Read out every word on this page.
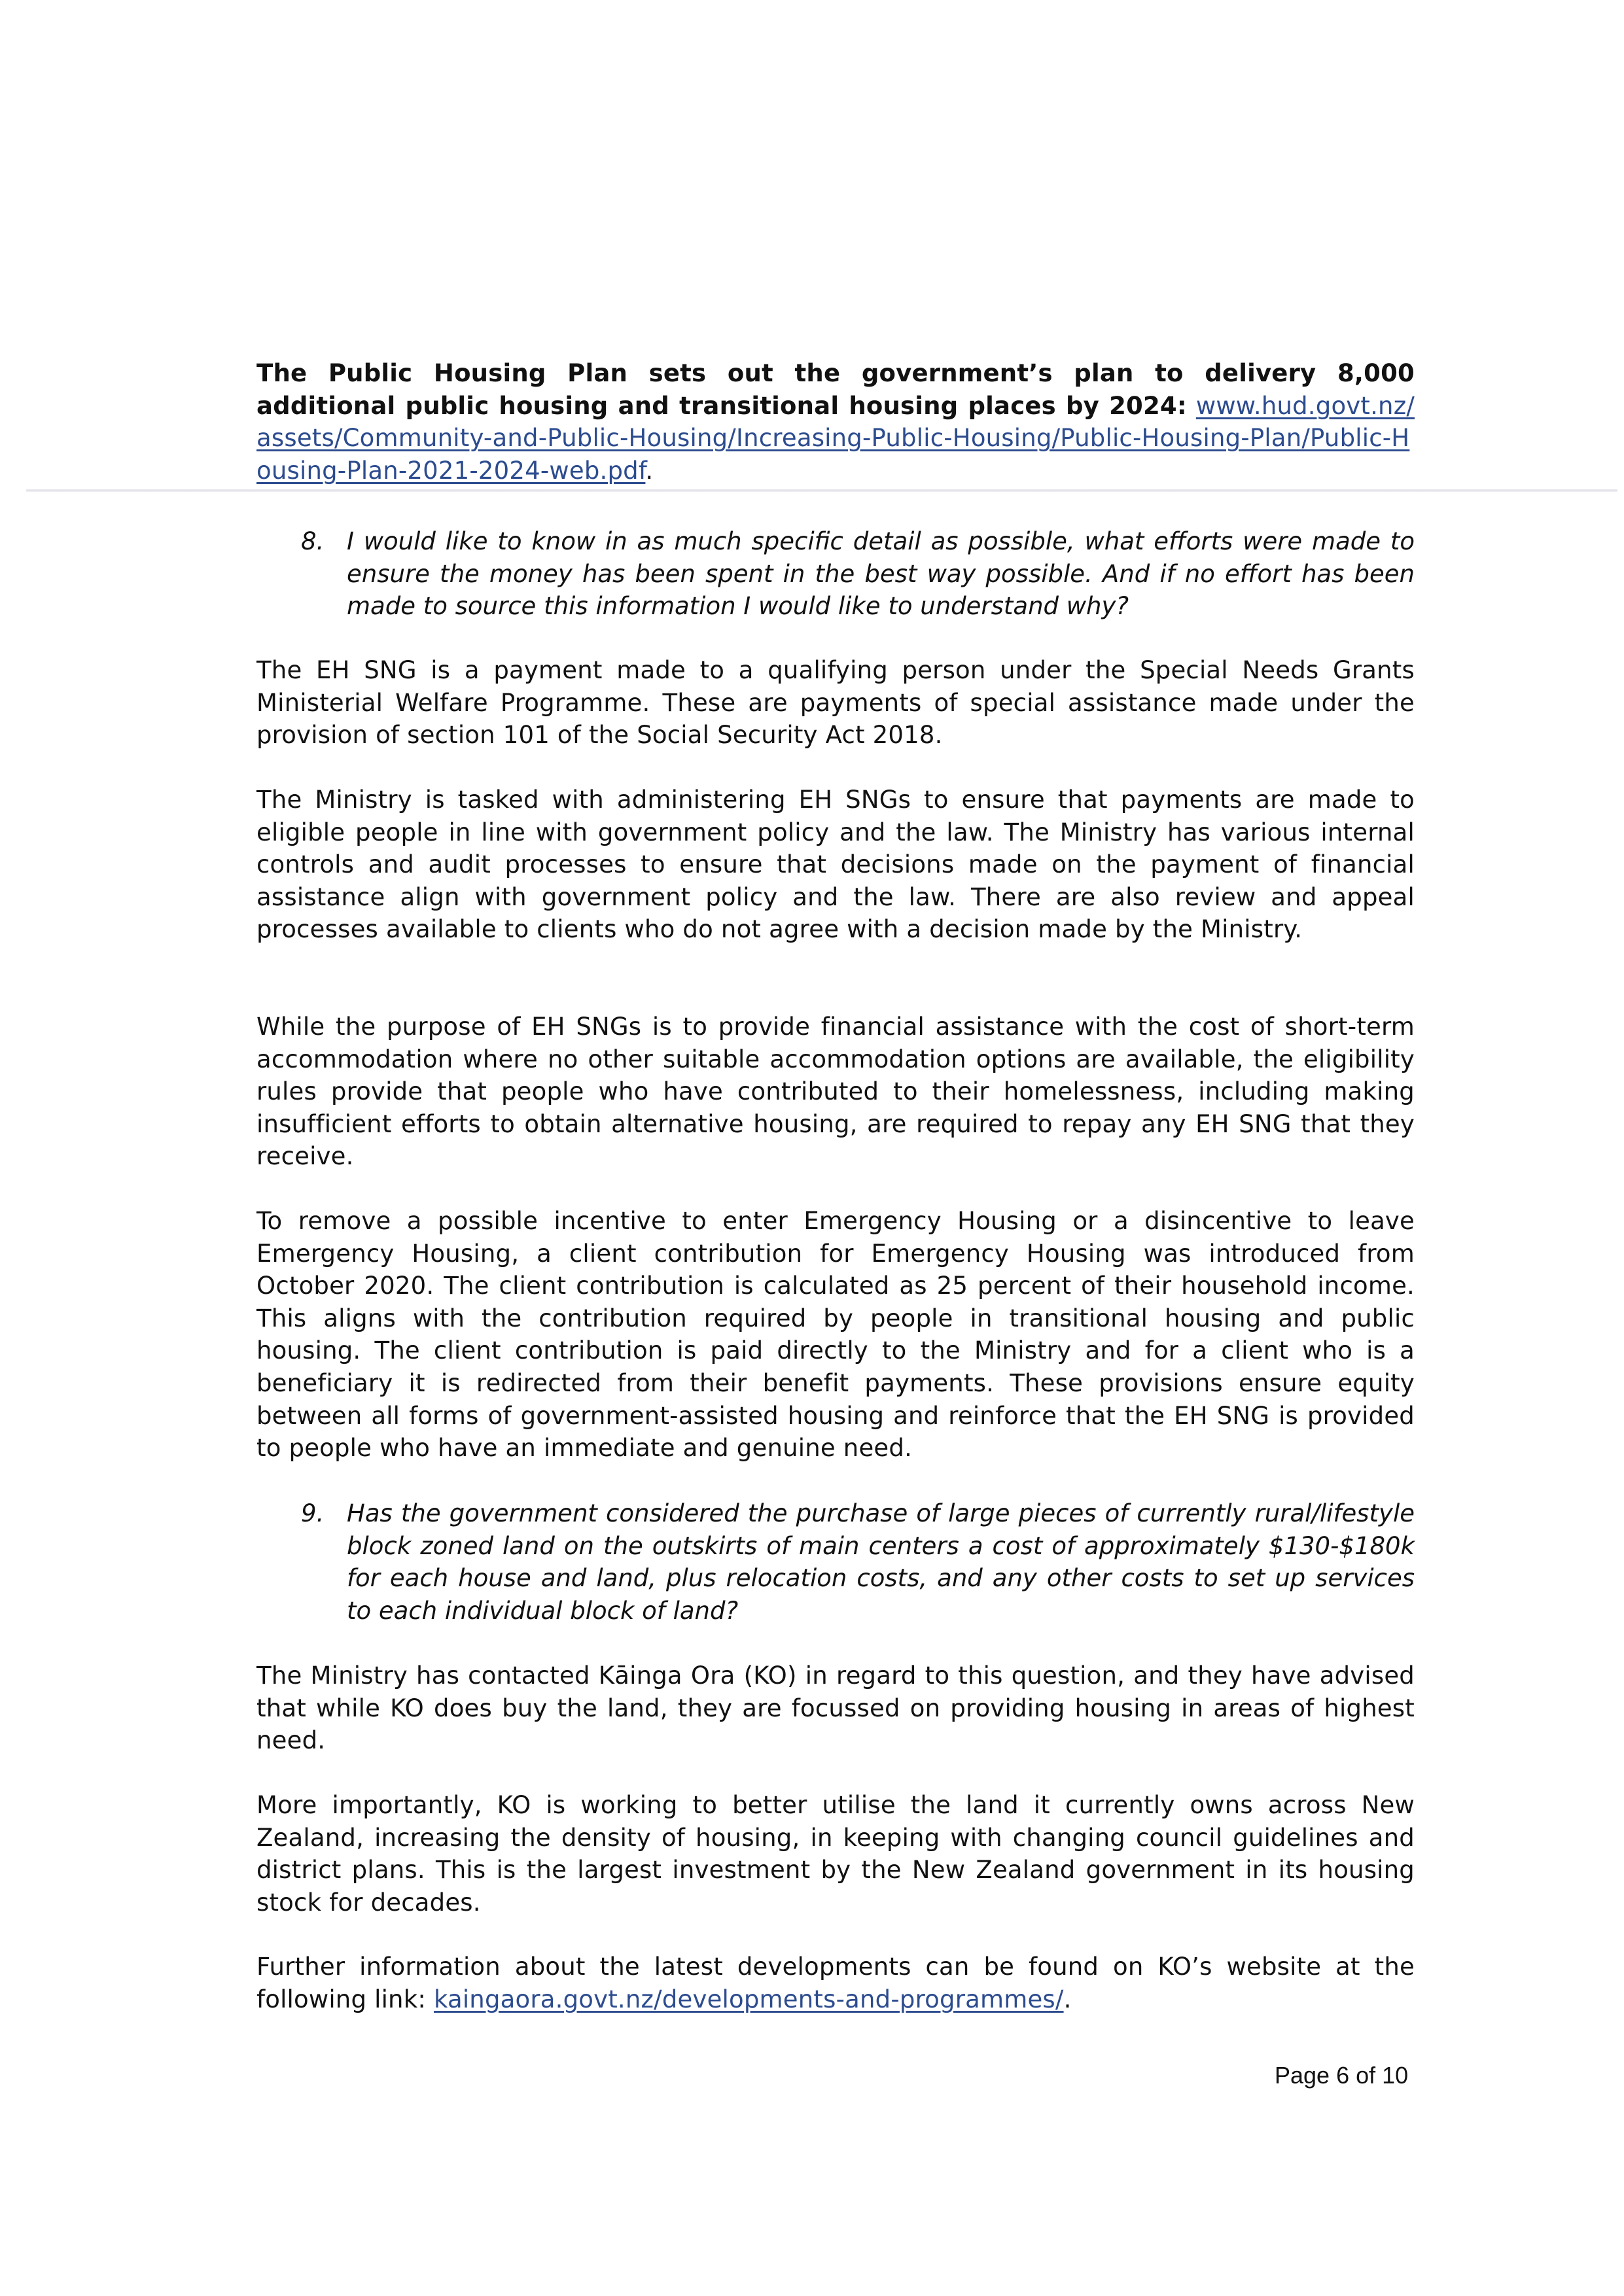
The Public Housing Plan sets out the government’s plan to delivery 8,000 additional public housing and transitional housing places by 2024: www.hud.govt.nz/assets/Community-and-Public-Housing/Increasing-Public-Housing/Public-Housing-Plan/Public-Housing-Plan-2021-2024-web.pdf.
8. I would like to know in as much specific detail as possible, what efforts were made to ensure the money has been spent in the best way possible. And if no effort has been made to source this information I would like to understand why?
The EH SNG is a payment made to a qualifying person under the Special Needs Grants Ministerial Welfare Programme. These are payments of special assistance made under the provision of section 101 of the Social Security Act 2018.
The Ministry is tasked with administering EH SNGs to ensure that payments are made to eligible people in line with government policy and the law. The Ministry has various internal controls and audit processes to ensure that decisions made on the payment of financial assistance align with government policy and the law. There are also review and appeal processes available to clients who do not agree with a decision made by the Ministry.
While the purpose of EH SNGs is to provide financial assistance with the cost of short-term accommodation where no other suitable accommodation options are available, the eligibility rules provide that people who have contributed to their homelessness, including making insufficient efforts to obtain alternative housing, are required to repay any EH SNG that they receive.
To remove a possible incentive to enter Emergency Housing or a disincentive to leave Emergency Housing, a client contribution for Emergency Housing was introduced from October 2020. The client contribution is calculated as 25 percent of their household income. This aligns with the contribution required by people in transitional housing and public housing. The client contribution is paid directly to the Ministry and for a client who is a beneficiary it is redirected from their benefit payments. These provisions ensure equity between all forms of government-assisted housing and reinforce that the EH SNG is provided to people who have an immediate and genuine need.
9. Has the government considered the purchase of large pieces of currently rural/lifestyle block zoned land on the outskirts of main centers a cost of approximately $130-$180k for each house and land, plus relocation costs, and any other costs to set up services to each individual block of land?
The Ministry has contacted Kāinga Ora (KO) in regard to this question, and they have advised that while KO does buy the land, they are focussed on providing housing in areas of highest need.
More importantly, KO is working to better utilise the land it currently owns across New Zealand, increasing the density of housing, in keeping with changing council guidelines and district plans. This is the largest investment by the New Zealand government in its housing stock for decades.
Further information about the latest developments can be found on KO’s website at the following link: kaingaora.govt.nz/developments-and-programmes/.
Page 6 of 10
